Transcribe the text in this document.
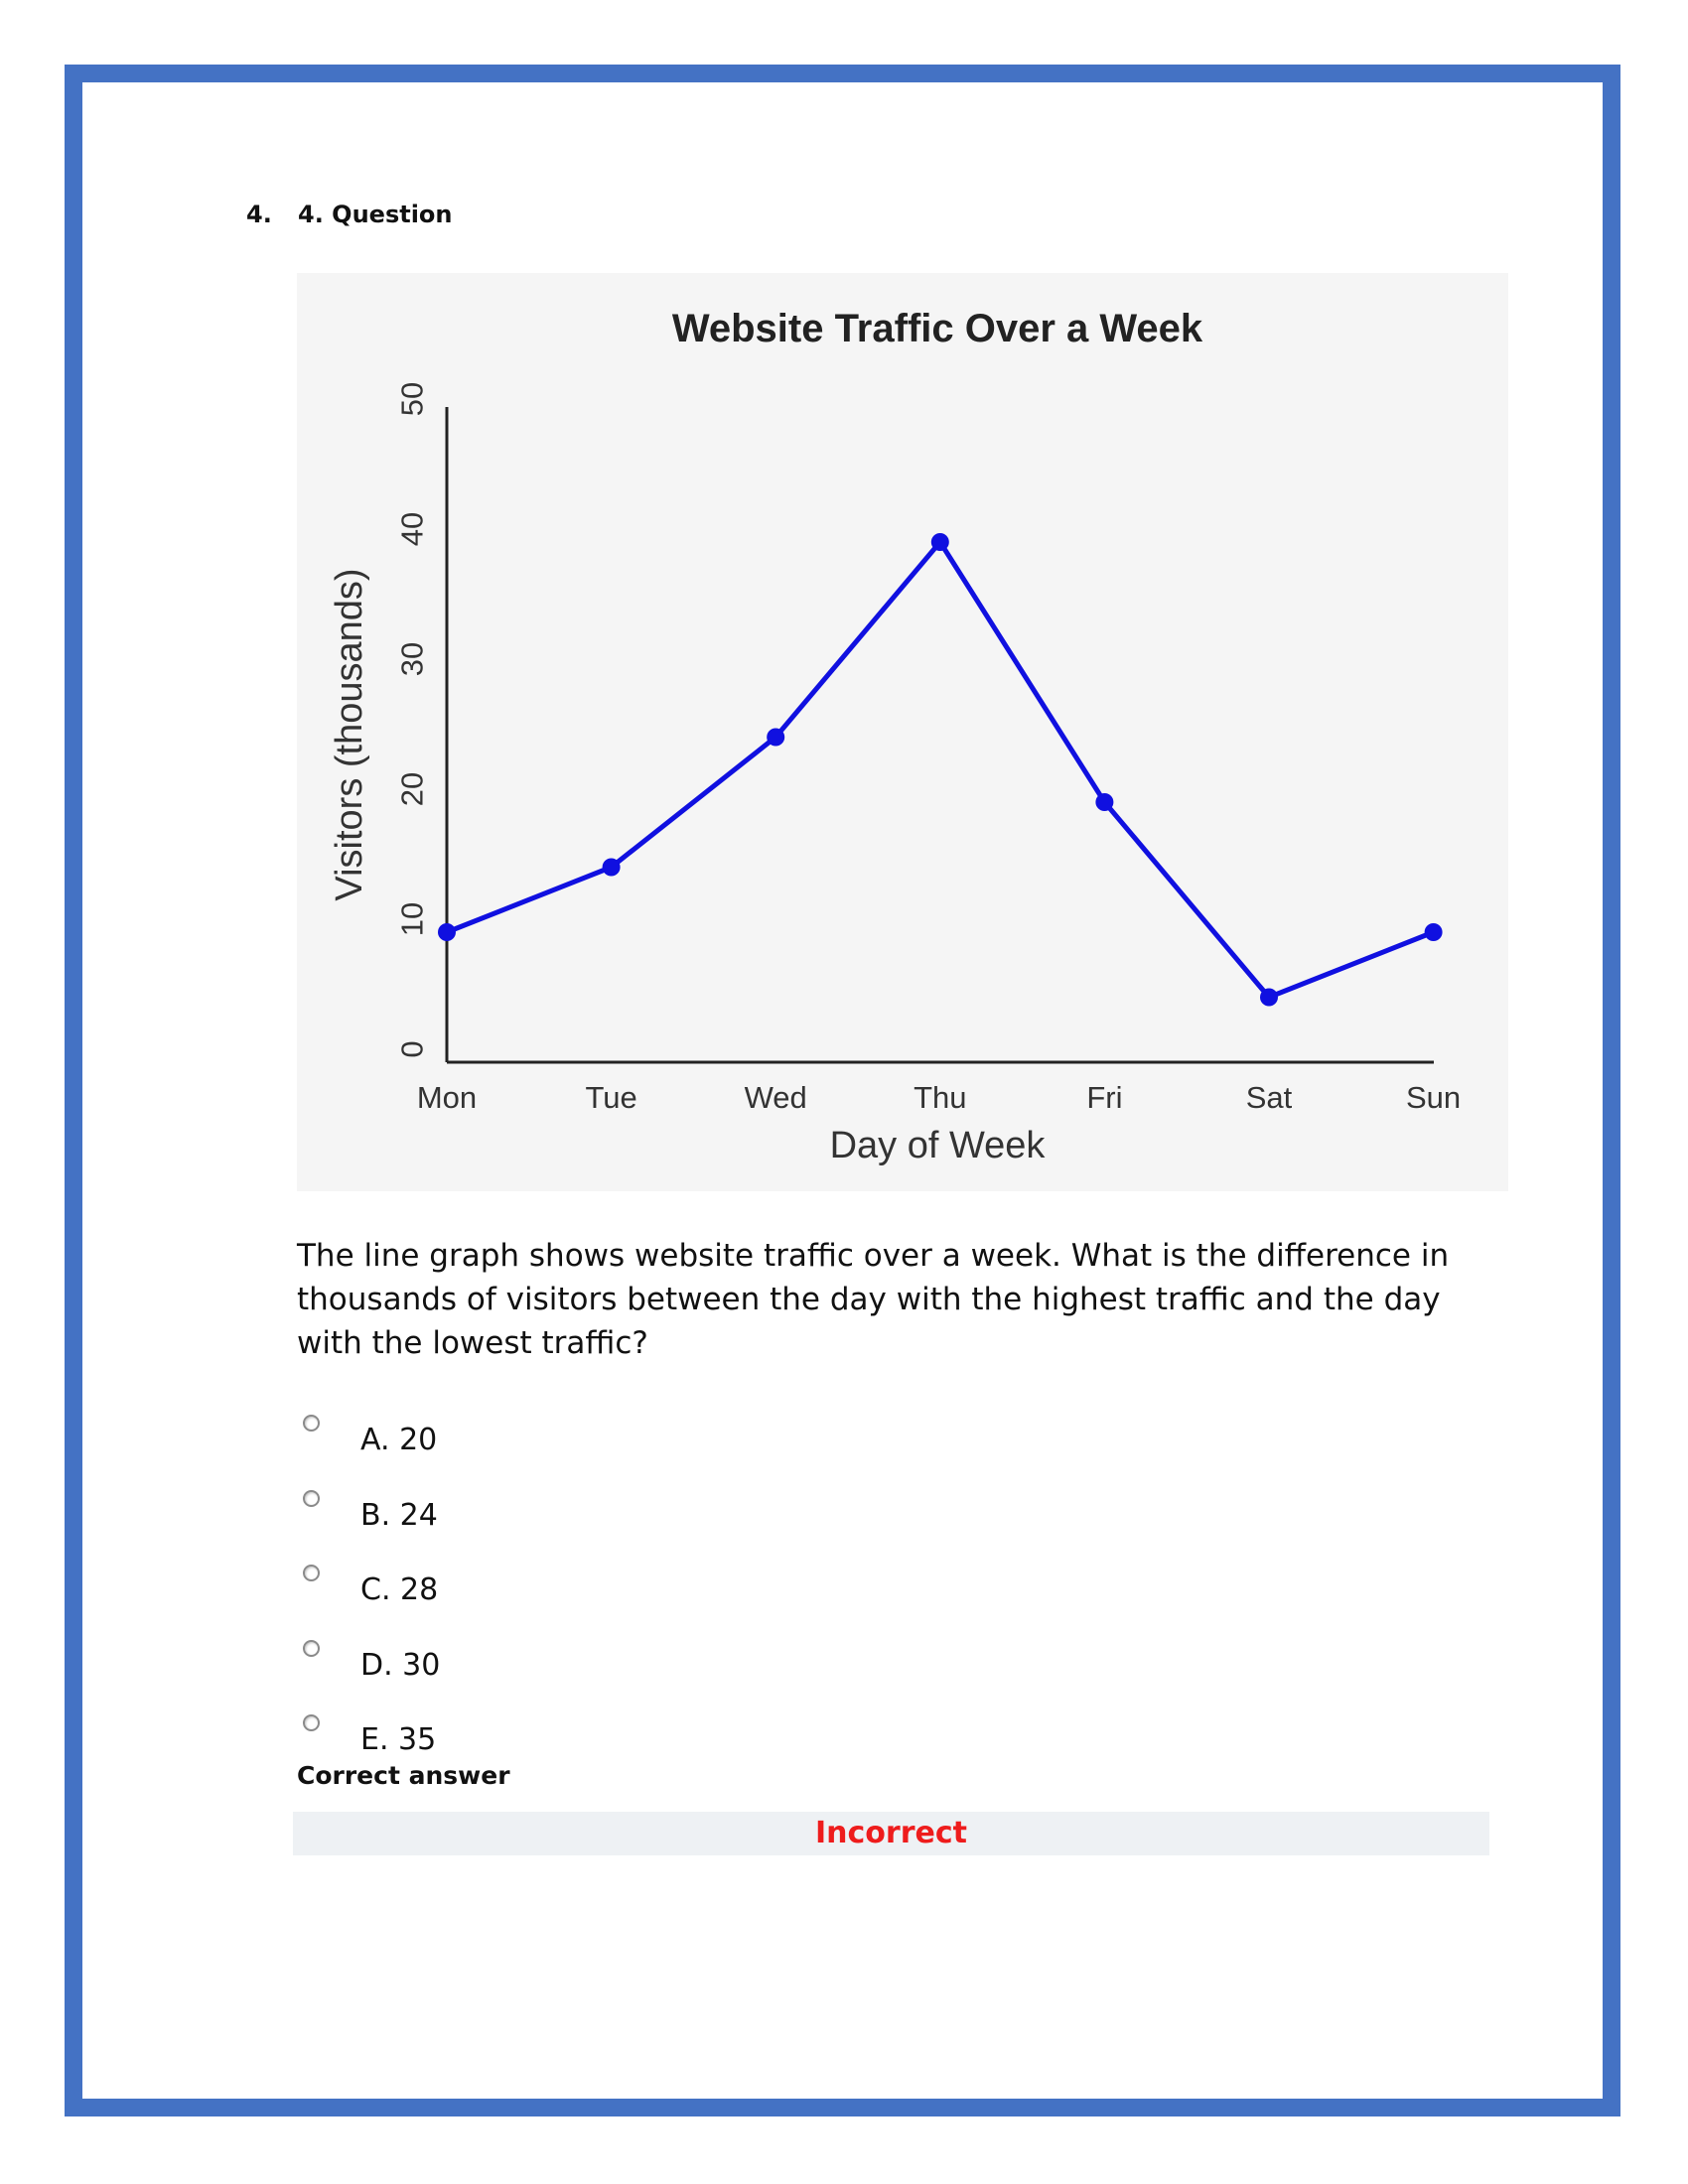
4. 4. Question
Website Traffic Over a Week
0
10
20
30
40
50
Mon	Tue	Wed	Thu	Fri	Sat	Sun
Day of Week
Visitors (thousands)
The line graph shows website traffic over a week. What is the difference in thousands of visitors between the day with the highest traffic and the day with the lowest traffic?
A. 20
B. 24
C. 28
D. 30
E. 35
Correct answer
Incorrect
